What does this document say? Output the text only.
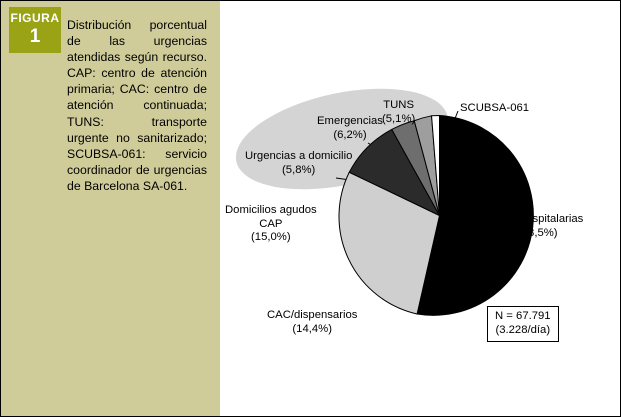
FIGURA
1
Distribución porcentual de las urgencias atendidas según recurso. CAP: centro de atención primaria; CAC: centro de atención continuada; TUNS: transporte urgente no sanitarizado; SCUBSA-061: servicio coordinador de urgencias de Barcelona SA-061.
TUNS
(5,1%)
Emergencias
(6,2%)
Urgencias a domicilio
(5,8%)
SCUBSA-061
Hospitalarias
(53,5%)
Domicilios agudos
CAP
(15,0%)
CAC/dispensarios
(14,4%)
N = 67.791
(3.228/día)
